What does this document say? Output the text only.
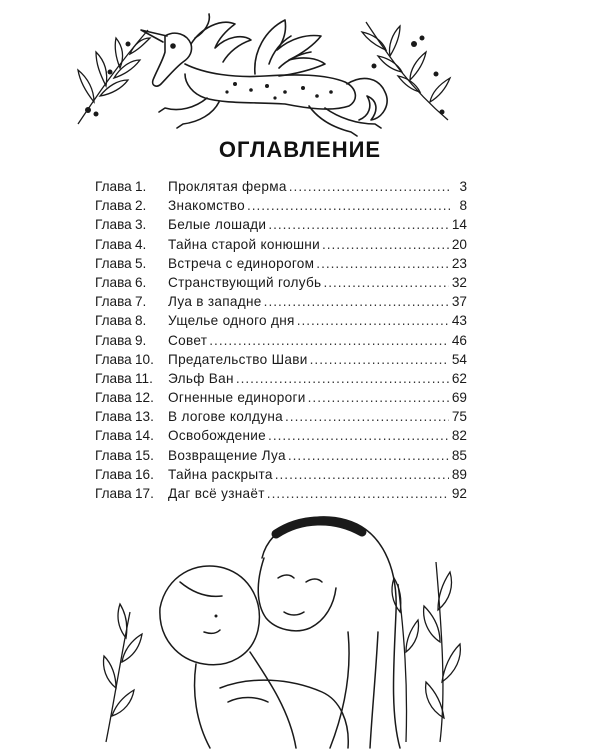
ОГЛАВЛЕНИЕ
Глава 1.	Проклятая ферма .....	3
Глава 2.	Знакомство .....	8
Глава 3.	Белые лошади .....	14
Глава 4.	Тайна старой конюшни .....	20
Глава 5.	Встреча с единорогом .....	23
Глава 6.	Странствующий голубь .....	32
Глава 7.	Луа в западне .....	37
Глава 8.	Ущелье одного дня .....	43
Глава 9.	Совет .....	46
Глава 10.	Предательство Шави .....	54
Глава 11.	Эльф Ван .....	62
Глава 12.	Огненные единороги .....	69
Глава 13.	В логове колдуна .....	75
Глава 14.	Освобождение .....	82
Глава 15.	Возвращение Луа .....	85
Глава 16.	Тайна раскрыта .....	89
Глава 17.	Даг всё узнаёт .....	92
